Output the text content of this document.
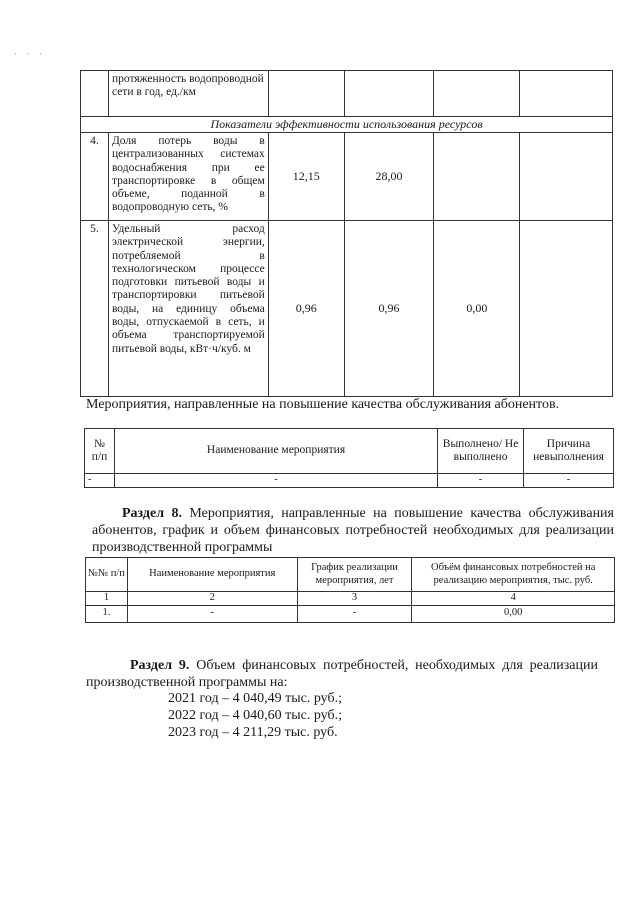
· · ·

	протяженность водопроводной сети в год, ед./км				

Показатели эффективности использования ресурсов					

4.	Доля потерь воды в централизованных системах водоснабжения при ее транспортировке в общем объеме, поданной в водопроводную сеть, %	12,15	28,00		

5.	Удельный расход электрической энергии, потребляемой в технологическом процессе подготовки питьевой воды и транспортировки питьевой воды, на единицу объема воды, отпускаемой в сеть, и объема транспортируемой питьевой воды, кВт·ч/куб. м	0,96	0,96	0,00	
Мероприятия, направленные на повышение качества обслуживания абонентов.
№ п/п	Наименование мероприятия	Выполнено/ Не выполнено	Причина невыполнения
-	-	-	-
Раздел 8. Мероприятия, направленные на повышение качества обслуживания абонентов, график и объем финансовых потребностей необходимых для реализации производственной программы
№№ п/п	Наименование мероприятия	График реализации мероприятия, лет	Объём финансовых потребностей на реализацию мероприятия, тыс. руб.
1	2	3	4
1.	-	-	0,00
Раздел 9. Объем финансовых потребностей, необходимых для реализации производственной программы на:
2021 год – 4 040,49 тыс. руб.;
2022 год – 4 040,60 тыс. руб.;
2023 год – 4 211,29 тыс. руб.
